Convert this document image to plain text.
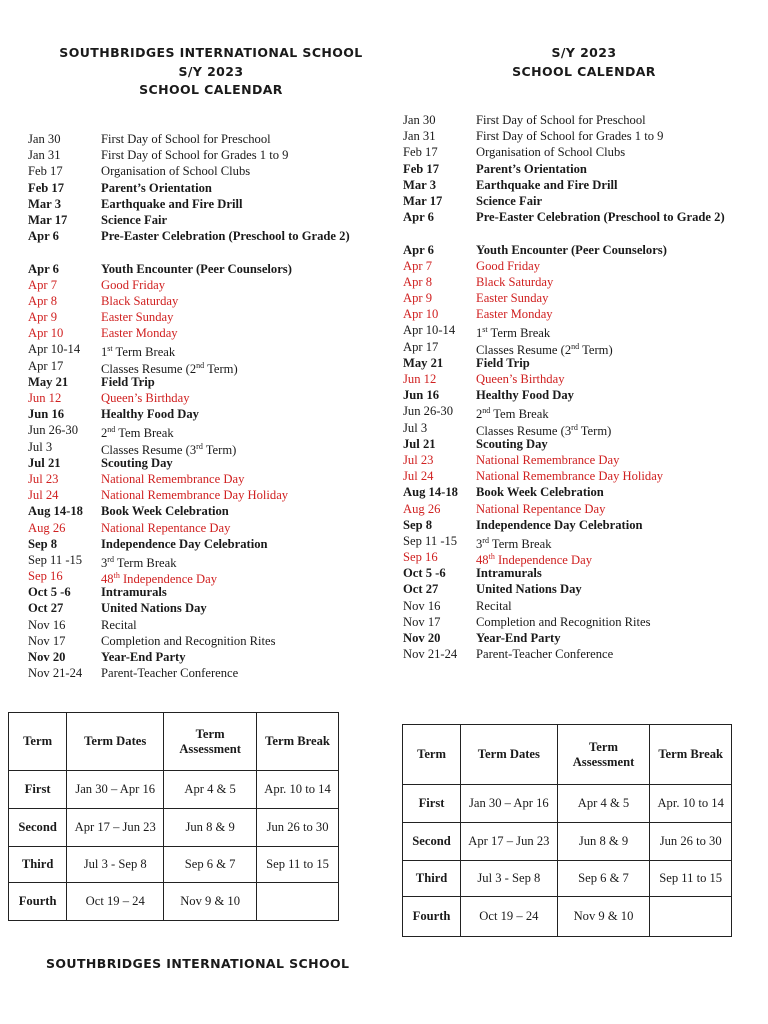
SOUTHBRIDGES INTERNATIONAL SCHOOL
S/Y 2023
SCHOOL CALENDAR
S/Y 2023
SCHOOL CALENDAR
Jan 30	First Day of School for Preschool
Jan 31	First Day of School for Grades 1 to 9
Feb 17	Organisation of School Clubs
Feb 17	Parent’s Orientation
Mar 3	Earthquake and Fire Drill
Mar 17	Science Fair
Apr 6	Pre-Easter Celebration (Preschool to Grade 2)
Apr 6	Youth Encounter (Peer Counselors)
Apr 7	Good Friday
Apr 8	Black Saturday
Apr 9	Easter Sunday
Apr 10	Easter Monday
Apr 10-14	1st Term Break
Apr 17	Classes Resume (2nd Term)
May 21	Field Trip
Jun 12	Queen’s Birthday
Jun 16	Healthy Food Day
Jun 26-30	2nd Tem Break
Jul 3	Classes Resume (3rd Term)
Jul 21	Scouting Day
Jul 23	National Remembrance Day
Jul 24	National Remembrance Day Holiday
Aug 14-18	Book Week Celebration
Aug 26	National Repentance Day
Sep 8	Independence Day Celebration
Sep 11 -15	3rd Term Break
Sep 16	48th Independence Day
Oct 5 -6	Intramurals
Oct 27	United Nations Day
Nov 16	Recital
Nov 17	Completion and Recognition Rites
Nov 20	Year-End Party
Nov 21-24	Parent-Teacher Conference
Jan 30	First Day of School for Preschool
Jan 31	First Day of School for Grades 1 to 9
Feb 17	Organisation of School Clubs
Feb 17	Parent’s Orientation
Mar 3	Earthquake and Fire Drill
Mar 17	Science Fair
Apr 6	Pre-Easter Celebration (Preschool to Grade 2)
Apr 6	Youth Encounter (Peer Counselors)
Apr 7	Good Friday
Apr 8	Black Saturday
Apr 9	Easter Sunday
Apr 10	Easter Monday
Apr 10-14	1st Term Break
Apr 17	Classes Resume (2nd Term)
May 21	Field Trip
Jun 12	Queen’s Birthday
Jun 16	Healthy Food Day
Jun 26-30	2nd Tem Break
Jul 3	Classes Resume (3rd Term)
Jul 21	Scouting Day
Jul 23	National Remembrance Day
Jul 24	National Remembrance Day Holiday
Aug 14-18	Book Week Celebration
Aug 26	National Repentance Day
Sep 8	Independence Day Celebration
Sep 11 -15	3rd Term Break
Sep 16	48th Independence Day
Oct 5 -6	Intramurals
Oct 27	United Nations Day
Nov 16	Recital
Nov 17	Completion and Recognition Rites
Nov 20	Year-End Party
Nov 21-24	Parent-Teacher Conference
Term	Term Dates	Term Assessment	Term Break
First	Jan 30 – Apr 16	Apr 4 & 5	Apr. 10 to 14
Second	Apr 17 – Jun 23	Jun 8 & 9	Jun 26 to 30
Third	Jul 3 - Sep 8	Sep 6 & 7	Sep 11 to 15
Fourth	Oct 19 – 24	Nov 9 & 10	
Term	Term Dates	Term Assessment	Term Break
First	Jan 30 – Apr 16	Apr 4 & 5	Apr. 10 to 14
Second	Apr 17 – Jun 23	Jun 8 & 9	Jun 26 to 30
Third	Jul 3 - Sep 8	Sep 6 & 7	Sep 11 to 15
Fourth	Oct 19 – 24	Nov 9 & 10	
SOUTHBRIDGES INTERNATIONAL SCHOOL
